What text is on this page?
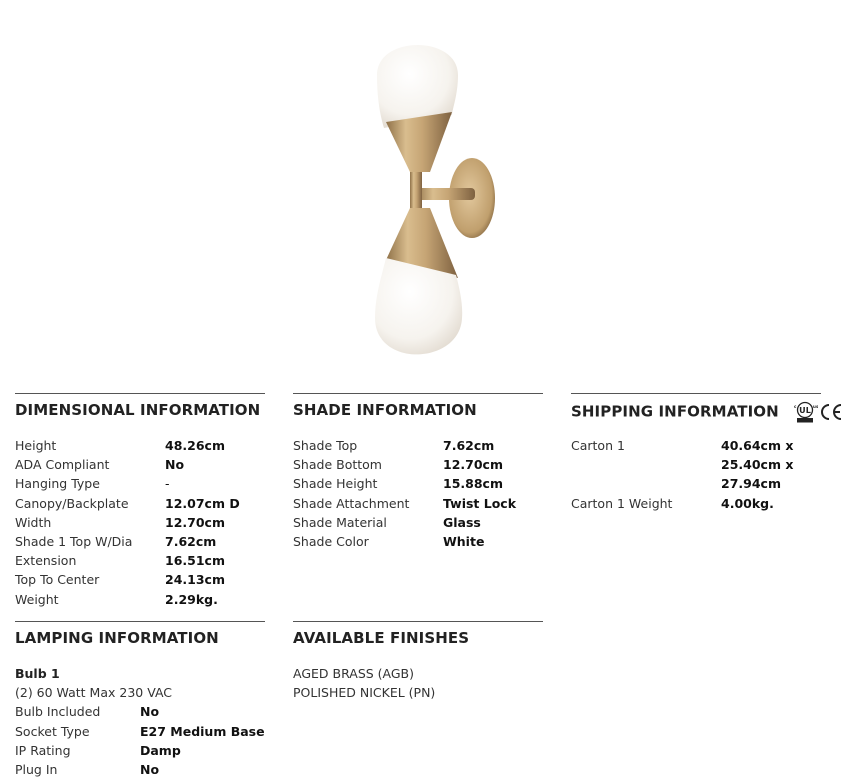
DIMENSIONAL INFORMATION
Height	48.26cm
ADA Compliant	No
Hanging Type	-
Canopy/Backplate	12.07cm D
Width	12.70cm
Shade 1 Top W/Dia	7.62cm
Extension	16.51cm
Top To Center	24.13cm
Weight	2.29kg.
SHADE INFORMATION
Shade Top	7.62cm
Shade Bottom	12.70cm
Shade Height	15.88cm
Shade Attachment	Twist Lock
Shade Material	Glass
Shade Color	White
SHIPPING INFORMATION	UL
c	us
Carton 1	40.64cm x 25.40cm x 27.94cm
Carton 1 Weight	4.00kg.
LAMPING INFORMATION
Bulb 1
(2) 60 Watt Max 230 VAC
Bulb Included	No
Socket Type	E27 Medium Base
IP Rating	Damp
Plug In	No
AVAILABLE FINISHES
AGED BRASS (AGB)
POLISHED NICKEL (PN)
